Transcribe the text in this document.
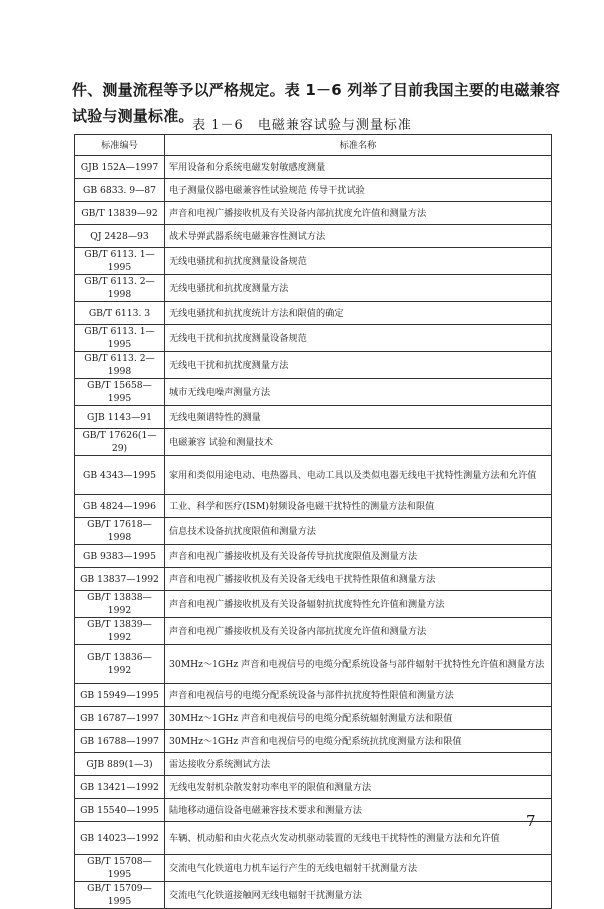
件、测量流程等予以严格规定。表 1－6 列举了目前我国主要的电磁兼容试验与测量标准。

表 1－6　电磁兼容试验与测量标准
标准编号	标准名称
GJB 152A—1997	军用设备和分系统电磁发射敏感度测量
GB 6833. 9—87	电子测量仪器电磁兼容性试验规范 传导干扰试验
GB/T 13839—92	声音和电视广播接收机及有关设备内部抗扰度允许值和测量方法
QJ 2428—93	战术导弹武器系统电磁兼容性测试方法
GB/T 6113. 1—1995	无线电骚扰和抗扰度测量设备规范
GB/T 6113. 2—1998	无线电骚扰和抗扰度测量方法
GB/T 6113. 3	无线电骚扰和抗扰度统计方法和限值的确定
GB/T 6113. 1—1995	无线电干扰和抗扰度测量设备规范
GB/T 6113. 2—1998	无线电干扰和抗扰度测量方法
GB/T 15658—1995	城市无线电噪声测量方法
GJB 1143—91	无线电频谱特性的测量
GB/T 17626(1—29)	电磁兼容 试验和测量技术
GB 4343—1995	家用和类似用途电动、电热器具、电动工具以及类似电器无线电干扰特性测量方法和允许值
GB 4824—1996	工业、科学和医疗(ISM)射频设备电磁干扰特性的测量方法和限值
GB/T 17618—1998	信息技术设备抗扰度限值和测量方法
GB 9383—1995	声音和电视广播接收机及有关设备传导抗扰度限值及测量方法
GB 13837—1992	声音和电视广播接收机及有关设备无线电干扰特性限值和测量方法
GB/T 13838—1992	声音和电视广播接收机及有关设备辐射抗扰度特性允许值和测量方法
GB/T 13839—1992	声音和电视广播接收机及有关设备内部抗扰度允许值和测量方法
GB/T 13836—1992	30MHz～1GHz 声音和电视信号的电缆分配系统设备与部件辐射干扰特性允许值和测量方法
GB 15949—1995	声音和电视信号的电缆分配系统设备与部件抗扰度特性限值和测量方法
GB 16787—1997	30MHz～1GHz 声音和电视信号的电缆分配系统辐射测量方法和限值
GB 16788—1997	30MHz～1GHz 声音和电视信号的电缆分配系统抗扰度测量方法和限值
GJB 889(1—3)	雷达接收分系统测试方法
GB 13421—1992	无线电发射机杂散发射功率电平的限值和测量方法
GB 15540—1995	陆地移动通信设备电磁兼容技术要求和测量方法
GB 14023—1992	车辆、机动船和由火花点火发动机驱动装置的无线电干扰特性的测量方法和允许值
GB/T 15708—1995	交流电气化铁道电力机车运行产生的无线电辐射干扰测量方法
GB/T 15709—1995	交流电气化铁道接触网无线电辐射干扰测量方法
7
